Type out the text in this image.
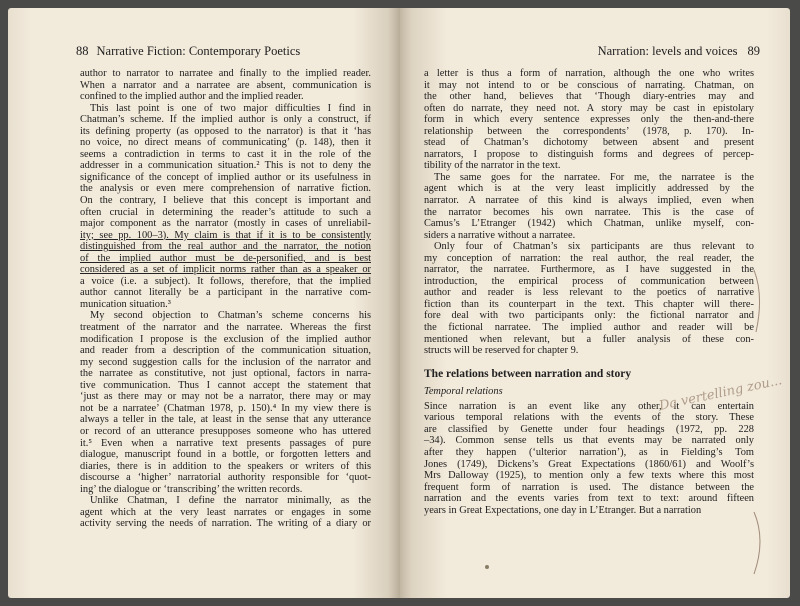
88 Narrative Fiction: Contemporary Poetics
author to narrator to narratee and finally to the implied reader.
When a narrator and a narratee are absent, communication is
confined to the implied author and the implied reader.
This last point is one of two major difficulties I find in
Chatman’s scheme. If the implied author is only a construct, if
its defining property (as opposed to the narrator) is that it ‘has
no voice, no direct means of communicating’ (p. 148), then it
seems a contradiction in terms to cast it in the role of the
addresser in a communication situation.² This is not to deny the
significance of the concept of implied author or its usefulness in
the analysis or even mere comprehension of narrative fiction.
On the contrary, I believe that this concept is important and
often crucial in determining the reader’s attitude to such a
major component as the narrator (mostly in cases of unreliabil-
ity; see pp. 100–3). My claim is that if it is to be consistently
distinguished from the real author and the narrator, the notion
of the implied author must be de-personified, and is best
considered as a set of implicit norms rather than as a speaker or
a voice (i.e. a subject). It follows, therefore, that the implied
author cannot literally be a participant in the narrative com-
munication situation.³
My second objection to Chatman’s scheme concerns his
treatment of the narrator and the narratee. Whereas the first
modification I propose is the exclusion of the implied author
and reader from a description of the communication situation,
my second suggestion calls for the inclusion of the narrator and
the narratee as constitutive, not just optional, factors in narra-
tive communication. Thus I cannot accept the statement that
‘just as there may or may not be a narrator, there may or may
not be a narratee’ (Chatman 1978, p. 150).⁴ In my view there is
always a teller in the tale, at least in the sense that any utterance
or record of an utterance presupposes someone who has uttered
it.⁵ Even when a narrative text presents passages of pure
dialogue, manuscript found in a bottle, or forgotten letters and
diaries, there is in addition to the speakers or writers of this
discourse a ‘higher’ narratorial authority responsible for ‘quot-
ing’ the dialogue or ‘transcribing’ the written records.
Unlike Chatman, I define the narrator minimally, as the
agent which at the very least narrates or engages in some
activity serving the needs of narration. The writing of a diary or
Narration: levels and voices 89
a letter is thus a form of narration, although the one who writes
it may not intend to or be conscious of narrating. Chatman, on
the other hand, believes that ‘Though diary-entries may and
often do narrate, they need not. A story may be cast in epistolary
form in which every sentence expresses only the then-and-there
relationship between the correspondents’ (1978, p. 170). In-
stead of Chatman’s dichotomy between absent and present
narrators, I propose to distinguish forms and degrees of percep-
tibility of the narrator in the text.
The same goes for the narratee. For me, the narratee is the
agent which is at the very least implicitly addressed by the
narrator. A narratee of this kind is always implied, even when
the narrator becomes his own narratee. This is the case of
Camus’s L’Etranger (1942) which Chatman, unlike myself, con-
siders a narrative without a narratee.
Only four of Chatman’s six participants are thus relevant to
my conception of narration: the real author, the real reader, the
narrator, the narratee. Furthermore, as I have suggested in the
introduction, the empirical process of communication between
author and reader is less relevant to the poetics of narrative
fiction than its counterpart in the text. This chapter will there-
fore deal with two participants only: the fictional narrator and
the fictional narratee. The implied author and reader will be
mentioned when relevant, but a fuller analysis of these con-
structs will be reserved for chapter 9.
The relations between narration and story
Temporal relations
Since narration is an event like any other, it can entertain
various temporal relations with the events of the story. These
are classified by Genette under four headings (1972, pp. 228
–34). Common sense tells us that events may be narrated only
after they happen (‘ulterior narration’), as in Fielding’s Tom
Jones (1749), Dickens’s Great Expectations (1860/61) and Woolf’s
Mrs Dalloway (1925), to mention only a few texts where this most
frequent form of narration is used. The distance between the
narration and the events varies from text to text: around fifteen
years in Great Expectations, one day in L’Etranger. But a narration
Da vertelling zou...
